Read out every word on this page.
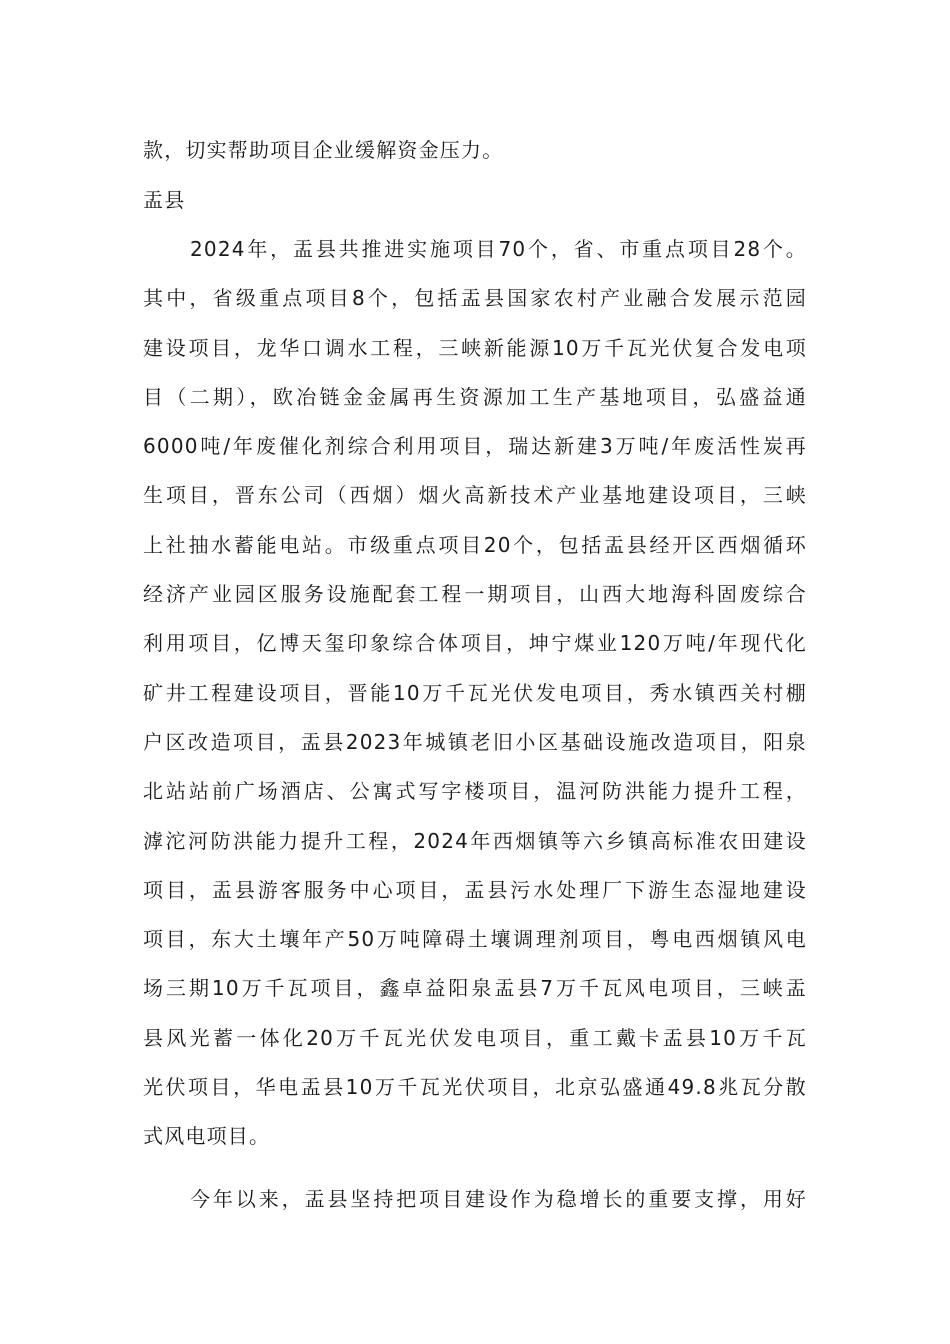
款，切实帮助项目企业缓解资金压力。
盂县
2024年，盂县共推进实施项目70个，省、市重点项目28个。
其中，省级重点项目8个，包括盂县国家农村产业融合发展示范园
建设项目，龙华口调水工程，三峡新能源10万千瓦光伏复合发电项
目（二期），欧冶链金金属再生资源加工生产基地项目，弘盛益通
6000吨/年废催化剂综合利用项目，瑞达新建3万吨/年废活性炭再
生项目，晋东公司（西烟）烟火高新技术产业基地建设项目，三峡
上社抽水蓄能电站。市级重点项目20个，包括盂县经开区西烟循环
经济产业园区服务设施配套工程一期项目，山西大地海科固废综合
利用项目，亿博天玺印象综合体项目，坤宁煤业120万吨/年现代化
矿井工程建设项目，晋能10万千瓦光伏发电项目，秀水镇西关村棚
户区改造项目，盂县2023年城镇老旧小区基础设施改造项目，阳泉
北站站前广场酒店、公寓式写字楼项目，温河防洪能力提升工程，
滹沱河防洪能力提升工程，2024年西烟镇等六乡镇高标准农田建设
项目，盂县游客服务中心项目，盂县污水处理厂下游生态湿地建设
项目，东大土壤年产50万吨障碍土壤调理剂项目，粤电西烟镇风电
场三期10万千瓦项目，鑫卓益阳泉盂县7万千瓦风电项目，三峡盂
县风光蓄一体化20万千瓦光伏发电项目，重工戴卡盂县10万千瓦
光伏项目，华电盂县10万千瓦光伏项目，北京弘盛通49.8兆瓦分散
式风电项目。
今年以来，盂县坚持把项目建设作为稳增长的重要支撑，用好
